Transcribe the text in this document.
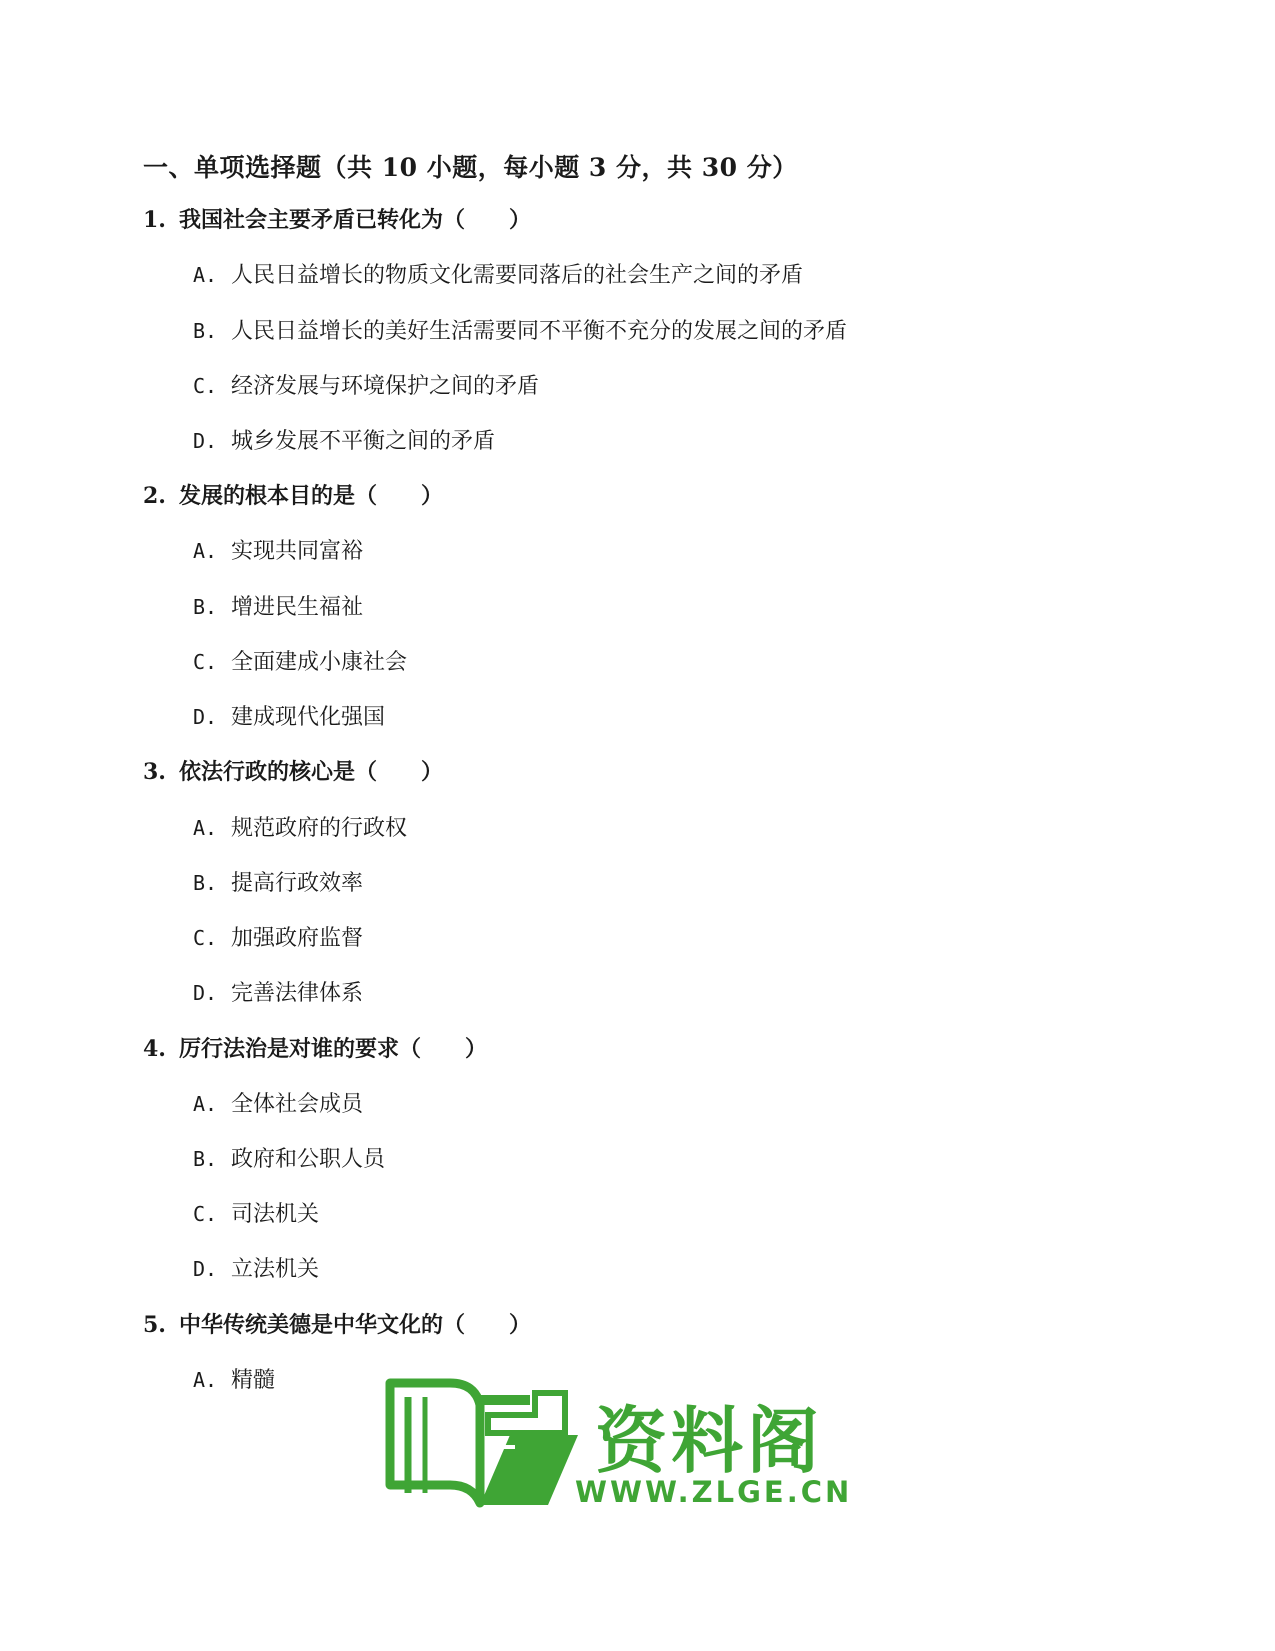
一、单项选择题（共 10 小题，每小题 3 分，共 30 分）
1. 我国社会主要矛盾已转化为（　　）
A. 人民日益增长的物质文化需要同落后的社会生产之间的矛盾
B. 人民日益增长的美好生活需要同不平衡不充分的发展之间的矛盾
C. 经济发展与环境保护之间的矛盾
D. 城乡发展不平衡之间的矛盾
2. 发展的根本目的是（　　）
A. 实现共同富裕
B. 增进民生福祉
C. 全面建成小康社会
D. 建成现代化强国
3. 依法行政的核心是（　　）
A. 规范政府的行政权
B. 提高行政效率
C. 加强政府监督
D. 完善法律体系
4. 厉行法治是对谁的要求（　　）
A. 全体社会成员
B. 政府和公职人员
C. 司法机关
D. 立法机关
5. 中华传统美德是中华文化的（　　）
A. 精髓
资料阁
WWW.ZLGE.CN
